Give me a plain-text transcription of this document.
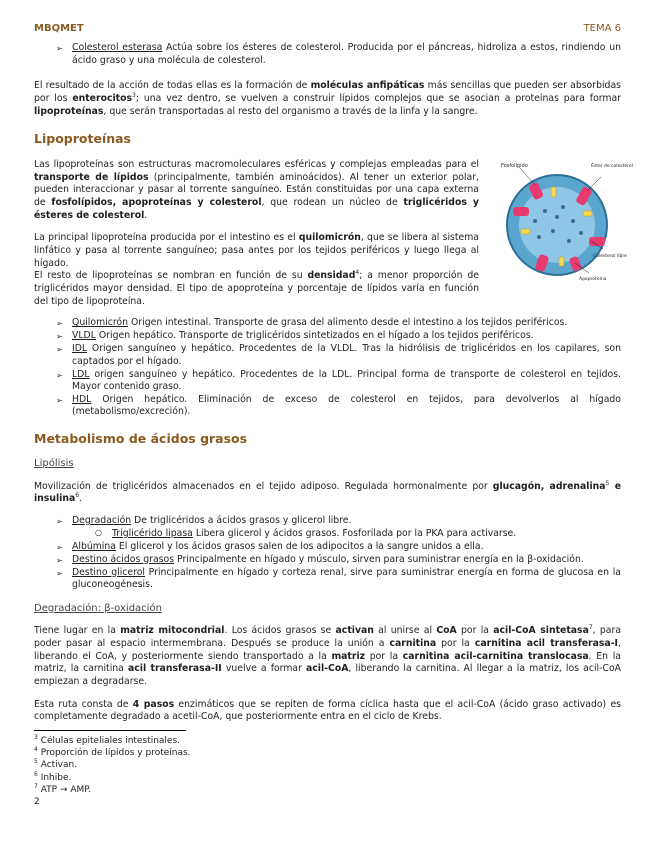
MBQMET	TEMA 6
➢ Colesterol esterasa Actúa sobre los ésteres de colesterol. Producida por el páncreas, hidroliza a estos, rindiendo un ácido graso y una molécula de colesterol.

El resultado de la acción de todas ellas es la formación de moléculas anfipáticas más sencillas que pueden ser absorbidas por los enterocitos$^3$; una vez dentro, se vuelven a construir lípidos complejos que se asocian a proteínas para formar lipoproteínas, que serán transportadas al resto del organismo a través de la linfa y la sangre.

Lipoproteínas
Fosfolípido	Éster de colesterol
Colesterol libre
Apoproteína

Las lipoproteínas son estructuras macromoleculares esféricas y complejas empleadas para el transporte de lípidos (principalmente, también aminoácidos). Al tener un exterior polar, pueden interaccionar y pasar al torrente sanguíneo. Están constituidas por una capa externa de fosfolípidos, apoproteínas y colesterol, que rodean un núcleo de triglicéridos y ésteres de colesterol.

La principal lipoproteína producida por el intestino es el quilomicrón, que se libera al sistema linfático y pasa al torrente sanguíneo; pasa antes por los tejidos periféricos y luego llega al hígado.

El resto de lipoproteínas se nombran en función de su densidad$^4$; a menor proporción de triglicéridos mayor densidad. El tipo de apoproteína y porcentaje de lípidos varía en función del tipo de lipoproteína.

➢ Quilomicrón Origen intestinal. Transporte de grasa del alimento desde el intestino a los tejidos periféricos.
➢ VLDL Origen hepático. Transporte de triglicéridos sintetizados en el hígado a los tejidos periféricos.
➢ IDL Origen sanguíneo y hepático. Procedentes de la VLDL. Tras la hidrólisis de triglicéridos en los capilares, son captados por el hígado.
➢ LDL origen sanguíneo y hepático. Procedentes de la LDL. Principal forma de transporte de colesterol en tejidos. Mayor contenido graso.
➢ HDL Origen hepático. Eliminación de exceso de colesterol en tejidos, para devolverlos al hígado (metabolismo/excreción).
Metabolismo de ácidos grasos
Lipólisis

Movilización de triglicéridos almacenados en el tejido adiposo. Regulada hormonalmente por glucagón, adrenalina$^5$ e insulina$^6$.

➢ Degradación De triglicéridos a ácidos grasos y glicerol libre.
○	Triglicérido lipasa Libera glicerol y ácidos grasos. Fosforilada por la PKA para activarse.
➢ Albúmina El glicerol y los ácidos grasos salen de los adipocitos a la sangre unidos a ella.
➢ Destino ácidos grasos Principalmente en hígado y músculo, sirven para suministrar energía en la β-oxidación.
➢ Destino glicerol Principalmente en hígado y corteza renal, sirve para suministrar energía en forma de glucosa en la gluconeogénesis.
Degradación: β-oxidación

Tiene lugar en la matriz mitocondrial. Los ácidos grasos se activan al unirse al CoA por la acil-CoA sintetasa$^7$, para poder pasar al espacio intermembrana. Después se produce la unión a carnitina por la carnitina acil transferasa-I, liberando el CoA, y posteriormente siendo transportado a la matriz por la carnitina acil-carnitina translocasa. En la matriz, la carnitina acil transferasa-II vuelve a formar acil-CoA, liberando la carnitina. Al llegar a la matriz, los acil-CoA empiezan a degradarse.

Esta ruta consta de 4 pasos enzimáticos que se repiten de forma cíclica hasta que el acil-CoA (ácido graso activado) es completamente degradado a acetil-CoA, que posteriormente entra en el ciclo de Krebs.

$^3$ Células epiteliales intestinales.
$^4$ Proporción de lípidos y proteínas.
$^5$ Activan.
$^6$ Inhibe.
$^7$ ATP → AMP.
2
